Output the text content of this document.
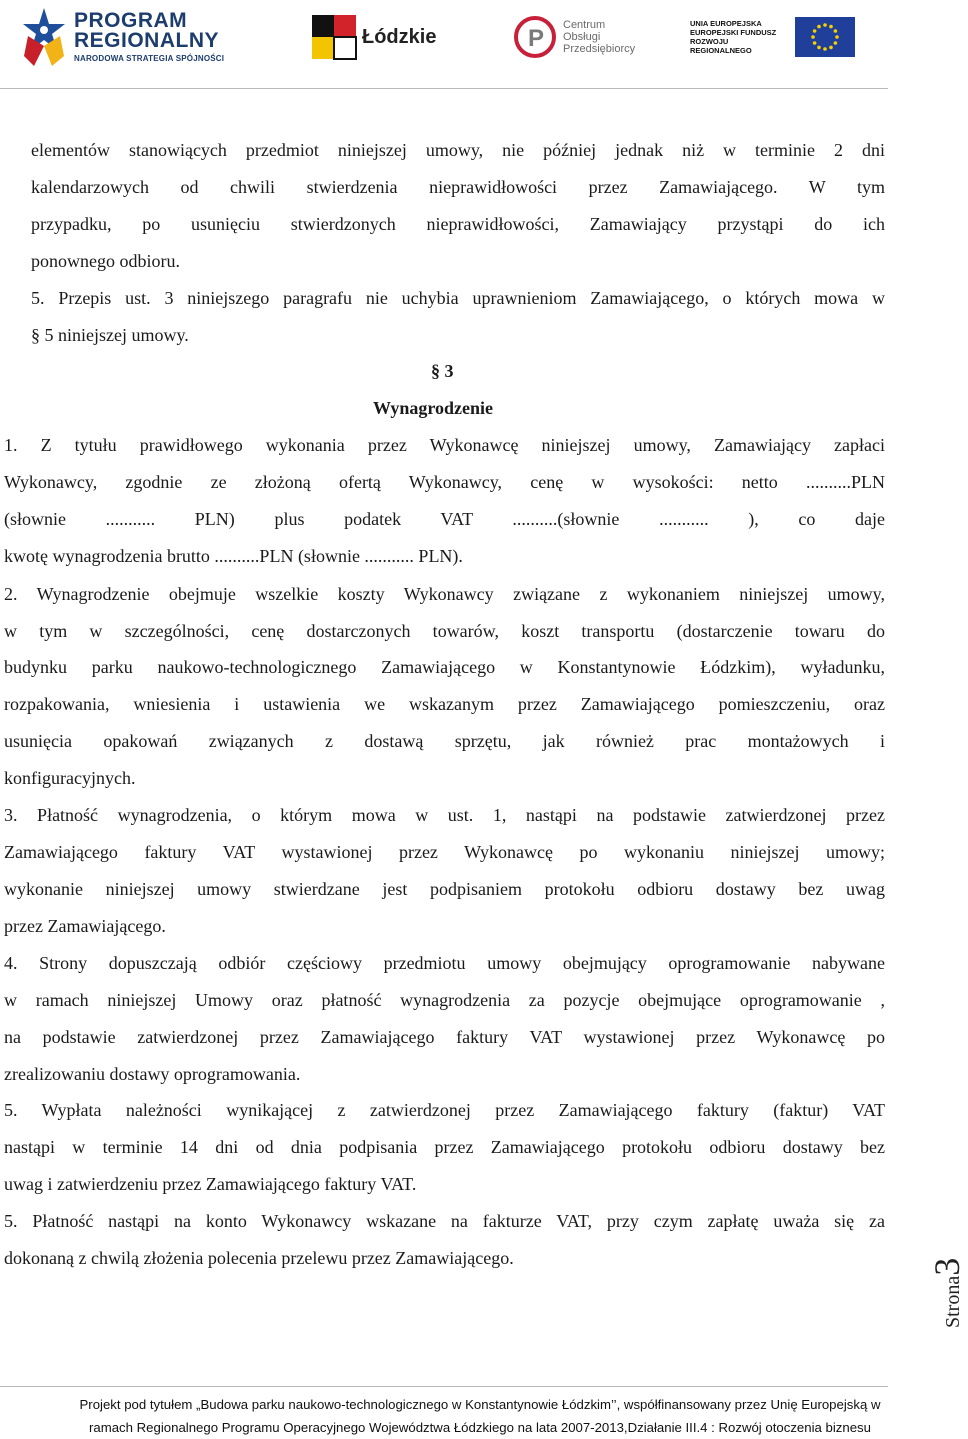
PROGRAM
REGIONALNY
NARODOWA STRATEGIA SPÓJNOŚCI
Łódzkie	P Centrum
Obsługi
Przedsiębiorcy
UNIA EUROPEJSKA
EUROPEJSKI FUNDUSZ
ROZWOJU REGIONALNEGO
elementów stanowiących przedmiot niniejszej umowy, nie później jednak niż w terminie 2 dni
kalendarzowych od chwili stwierdzenia nieprawidłowości przez Zamawiającego. W tym
przypadku, po usunięciu stwierdzonych nieprawidłowości, Zamawiający przystąpi do ich
ponownego odbioru.
5. Przepis ust. 3 niniejszego paragrafu nie uchybia uprawnieniom Zamawiającego, o których mowa w
§ 5 niniejszej umowy.
§ 3
Wynagrodzenie
1. Z tytułu prawidłowego wykonania przez Wykonawcę niniejszej umowy, Zamawiający zapłaci
Wykonawcy, zgodnie ze złożoną ofertą Wykonawcy, cenę w wysokości: netto ..........PLN
(słownie ........... PLN) plus podatek VAT ..........(słownie ........... ), co daje
kwotę wynagrodzenia brutto ..........PLN (słownie ........... PLN).
2. Wynagrodzenie obejmuje wszelkie koszty Wykonawcy związane z wykonaniem niniejszej umowy,
w tym w szczególności, cenę dostarczonych towarów, koszt transportu (dostarczenie towaru do
budynku parku naukowo-technologicznego Zamawiającego w Konstantynowie Łódzkim), wyładunku,
rozpakowania, wniesienia i ustawienia we wskazanym przez Zamawiającego pomieszczeniu, oraz
usunięcia opakowań związanych z dostawą sprzętu, jak również prac montażowych i
konfiguracyjnych.
3. Płatność wynagrodzenia, o którym mowa w ust. 1, nastąpi na podstawie zatwierdzonej przez
Zamawiającego faktury VAT wystawionej przez Wykonawcę po wykonaniu niniejszej umowy;
wykonanie niniejszej umowy stwierdzane jest podpisaniem protokołu odbioru dostawy bez uwag
przez Zamawiającego.
4. Strony dopuszczają odbiór częściowy przedmiotu umowy obejmujący oprogramowanie nabywane
w ramach niniejszej Umowy oraz płatność wynagrodzenia za pozycje obejmujące oprogramowanie ,
na podstawie zatwierdzonej przez Zamawiającego faktury VAT wystawionej przez Wykonawcę po
zrealizowaniu dostawy oprogramowania.
5. Wypłata należności wynikającej z zatwierdzonej przez Zamawiającego faktury (faktur) VAT
nastąpi w terminie 14 dni od dnia podpisania przez Zamawiającego protokołu odbioru dostawy bez
uwag i zatwierdzeniu przez Zamawiającego faktury VAT.
5. Płatność nastąpi na konto Wykonawcy wskazane na fakturze VAT, przy czym zapłatę uważa się za
dokonaną z chwilą złożenia polecenia przelewu przez Zamawiającego.
Strona3
Projekt pod tytułem „Budowa parku naukowo-technologicznego w Konstantynowie Łódzkim’’, współfinansowany przez Unię Europejską w
ramach Regionalnego Programu Operacyjnego Województwa Łódzkiego na lata 2007-2013,Działanie III.4 : Rozwój otoczenia biznesu
